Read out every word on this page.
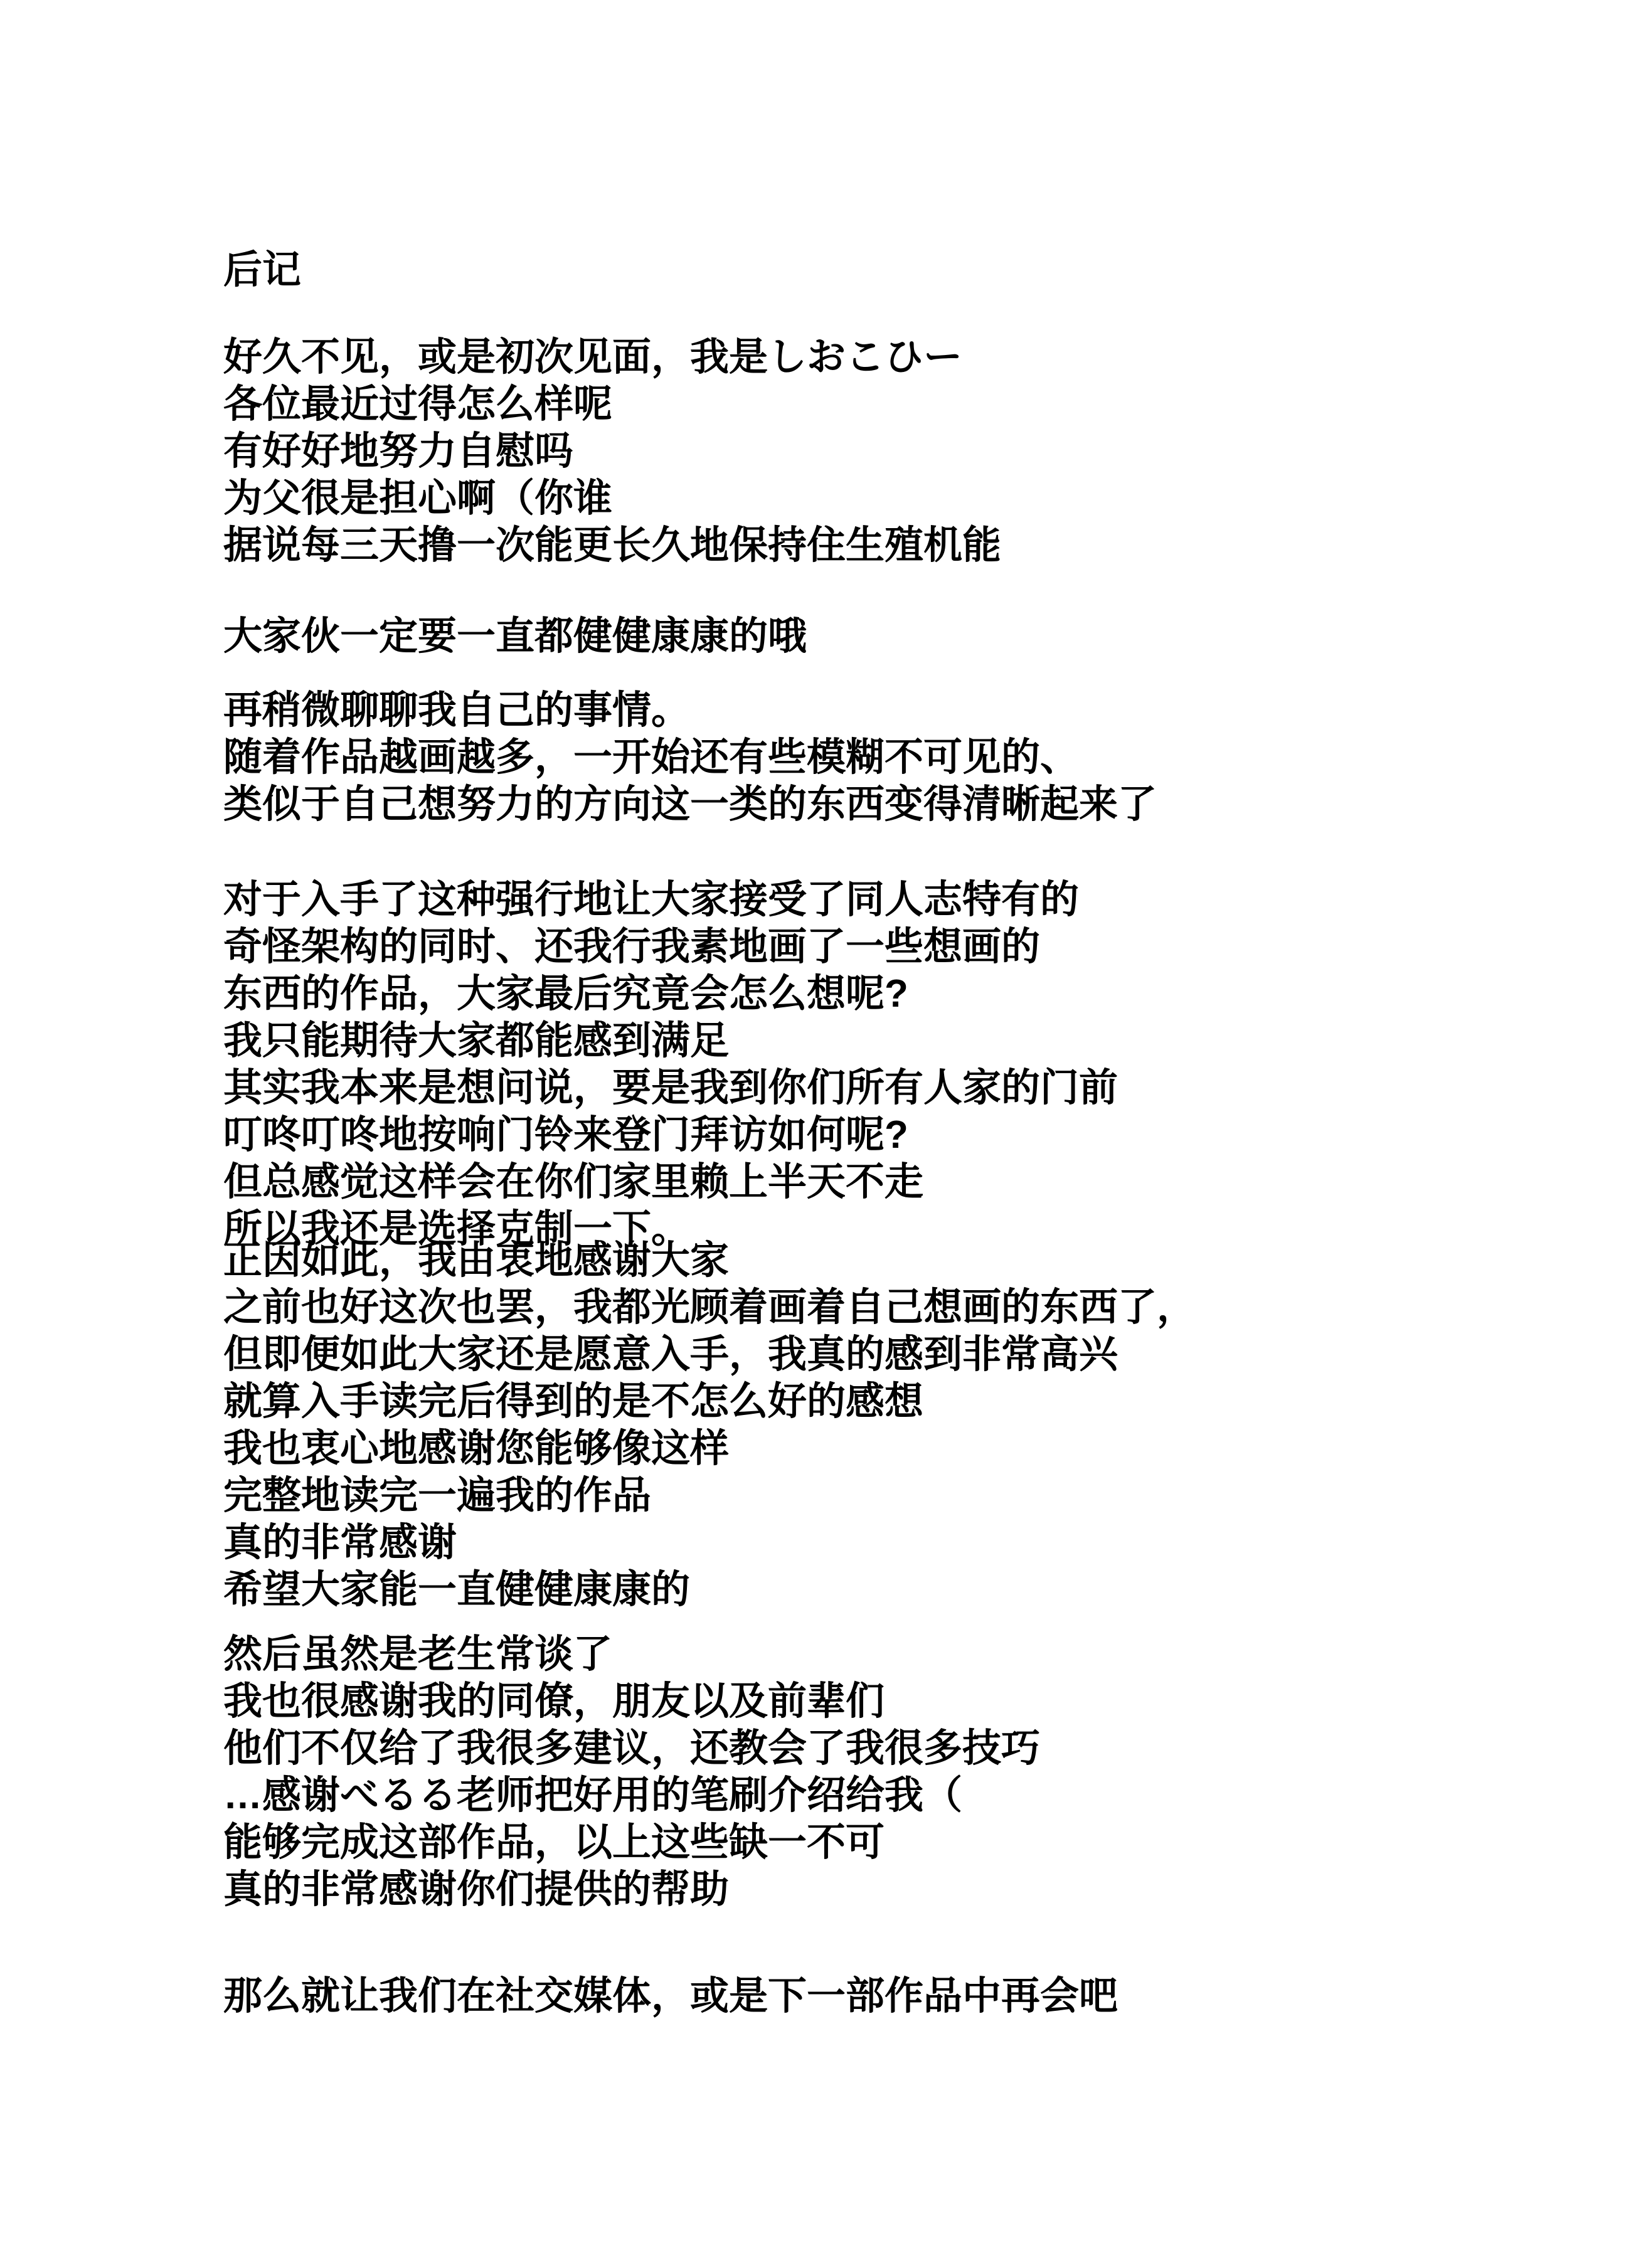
后记
好久不见，或是初次见面，我是しおこひー
各位最近过得怎么样呢
有好好地努力自慰吗
为父很是担心啊（你谁
据说每三天撸一次能更长久地保持住生殖机能
大家伙一定要一直都健健康康的哦
再稍微聊聊我自己的事情。
随着作品越画越多，一开始还有些模糊不可见的、
类似于自己想努力的方向这一类的东西变得清晰起来了
对于入手了这种强行地让大家接受了同人志特有的
奇怪架构的同时、还我行我素地画了一些想画的
东西的作品，大家最后究竟会怎么想呢?
我只能期待大家都能感到满足
其实我本来是想问说，要是我到你们所有人家的门前
叮咚叮咚地按响门铃来登门拜访如何呢?
但总感觉这样会在你们家里赖上半天不走
所以我还是选择克制一下。
正因如此，我由衷地感谢大家
之前也好这次也罢，我都光顾着画着自己想画的东西了，
但即便如此大家还是愿意入手，我真的感到非常高兴
就算入手读完后得到的是不怎么好的感想
我也衷心地感谢您能够像这样
完整地读完一遍我的作品
真的非常感谢
希望大家能一直健健康康的
然后虽然是老生常谈了
我也很感谢我的同僚，朋友以及前辈们
他们不仅给了我很多建议，还教会了我很多技巧
…感谢べるる老师把好用的笔刷介绍给我（
能够完成这部作品，以上这些缺一不可
真的非常感谢你们提供的帮助
那么就让我们在社交媒体，或是下一部作品中再会吧
